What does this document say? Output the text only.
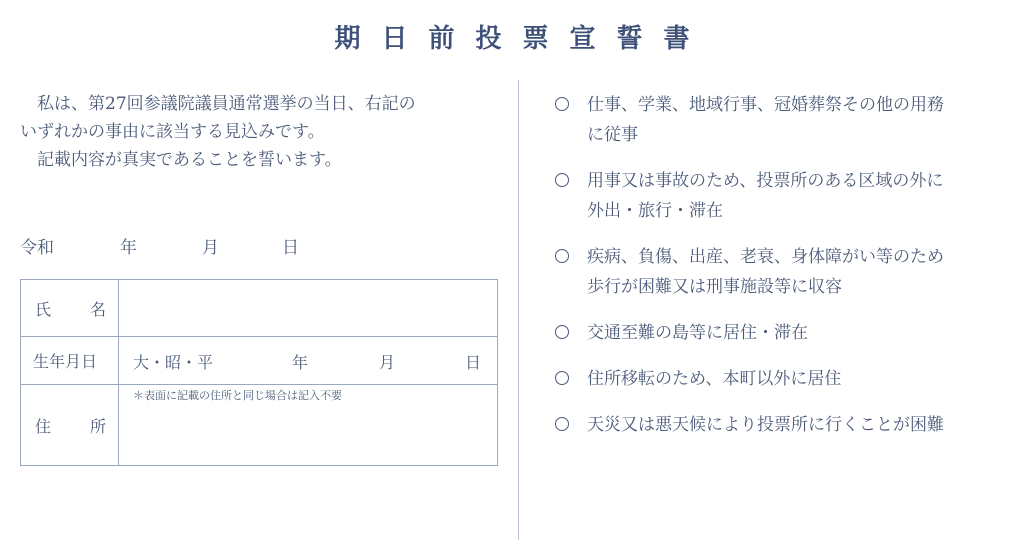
期日前投票宣誓書

私は、第27回参議院議員通常選挙の当日、右記の

いずれかの事由に該当する見込みです。

記載内容が真実であることを誓います。

令和	年	月	日
氏 名	

生年月日	大・昭・平 年 月 日

住 所	＊表面に記載の住所と同じ場合は記入不要
仕事、学業、地域行事、冠婚葬祭その他の用務
に従事
用事又は事故のため、投票所のある区域の外に
外出・旅行・滞在
疾病、負傷、出産、老衰、身体障がい等のため
歩行が困難又は刑事施設等に収容
交通至難の島等に居住・滞在
住所移転のため、本町以外に居住
天災又は悪天候により投票所に行くことが困難
